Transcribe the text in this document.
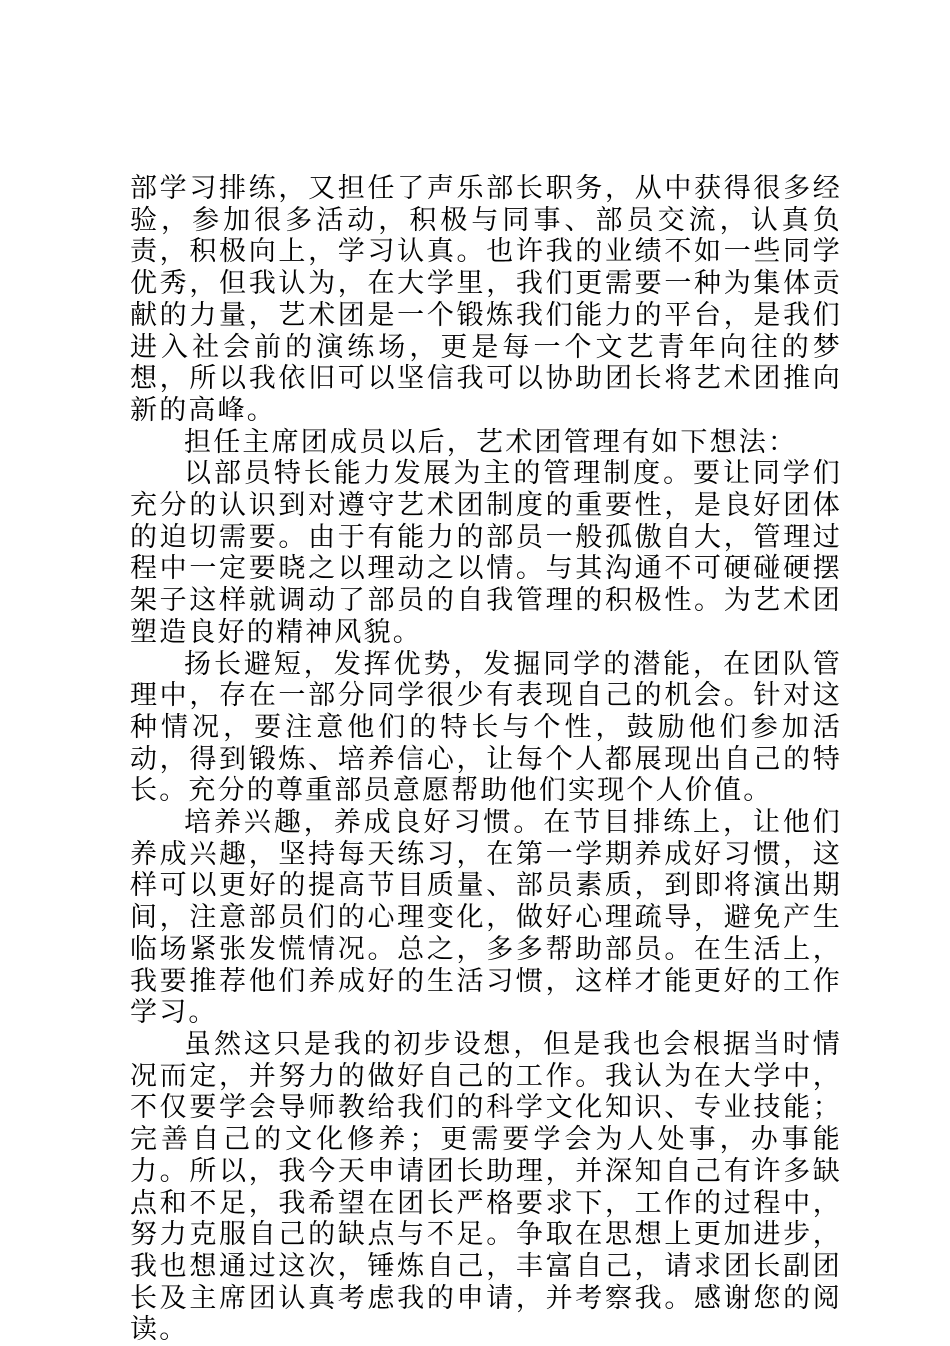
部学习排练，又担任了声乐部长职务，从中获得很多经验，参加很多活动，积极与同事、部员交流，认真负责，积极向上，学习认真。也许我的业绩不如一些同学优秀，但我认为，在大学里，我们更需要一种为集体贡献的力量，艺术团是一个锻炼我们能力的平台，是我们进入社会前的演练场，更是每一个文艺青年向往的梦想，所以我依旧可以坚信我可以协助团长将艺术团推向新的高峰。

担任主席团成员以后，艺术团管理有如下想法：

以部员特长能力发展为主的管理制度。要让同学们充分的认识到对遵守艺术团制度的重要性，是良好团体的迫切需要。由于有能力的部员一般孤傲自大，管理过程中一定要晓之以理动之以情。与其沟通不可硬碰硬摆架子这样就调动了部员的自我管理的积极性。为艺术团塑造良好的精神风貌。

扬长避短，发挥优势，发掘同学的潜能，在团队管理中，存在一部分同学很少有表现自己的机会。针对这种情况，要注意他们的特长与个性，鼓励他们参加活动，得到锻炼、培养信心，让每个人都展现出自己的特长。充分的尊重部员意愿帮助他们实现个人价值。

培养兴趣，养成良好习惯。在节目排练上，让他们养成兴趣，坚持每天练习，在第一学期养成好习惯，这样可以更好的提高节目质量、部员素质，到即将演出期间，注意部员们的心理变化，做好心理疏导，避免产生临场紧张发慌情况。总之，多多帮助部员。在生活上，我要推荐他们养成好的生活习惯，这样才能更好的工作学习。

虽然这只是我的初步设想，但是我也会根据当时情况而定，并努力的做好自己的工作。我认为在大学中，不仅要学会导师教给我们的科学文化知识、专业技能；完善自己的文化修养；更需要学会为人处事，办事能力。所以，我今天申请团长助理，并深知自己有许多缺点和不足，我希望在团长严格要求下，工作的过程中，努力克服自己的缺点与不足。争取在思想上更加进步，我也想通过这次，锤炼自己，丰富自己，请求团长副团长及主席团认真考虑我的申请，并考察我。感谢您的阅读。
